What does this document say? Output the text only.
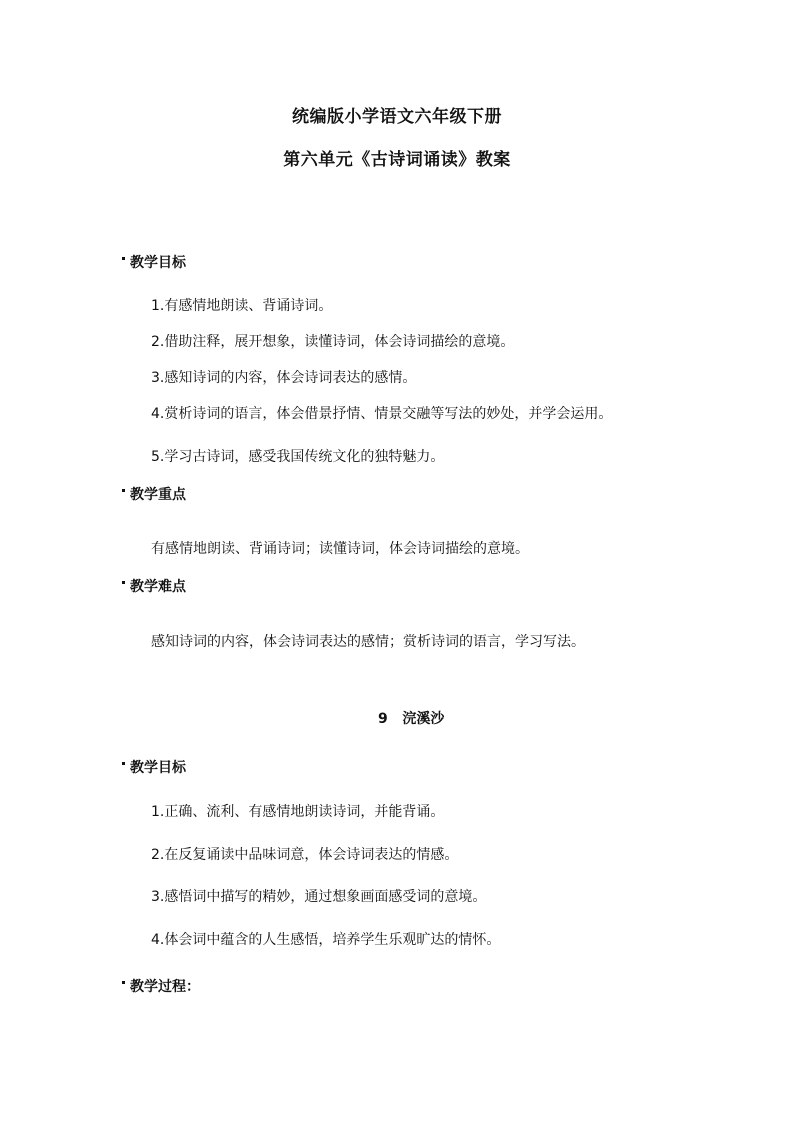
统编版小学语文六年级下册
第六单元《古诗词诵读》教案
教学目标
1.有感情地朗读、背诵诗词。
2.借助注释，展开想象，读懂诗词，体会诗词描绘的意境。
3.感知诗词的内容，体会诗词表达的感情。
4.赏析诗词的语言，体会借景抒情、情景交融等写法的妙处，并学会运用。
5.学习古诗词，感受我国传统文化的独特魅力。
教学重点
有感情地朗读、背诵诗词；读懂诗词，体会诗词描绘的意境。
教学难点
感知诗词的内容，体会诗词表达的感情；赏析诗词的语言，学习写法。
9   浣溪沙
教学目标
1.正确、流利、有感情地朗读诗词，并能背诵。
2.在反复诵读中品味词意，体会诗词表达的情感。
3.感悟词中描写的精妙，通过想象画面感受词的意境。
4.体会词中蕴含的人生感悟，培养学生乐观旷达的情怀。
教学过程：
